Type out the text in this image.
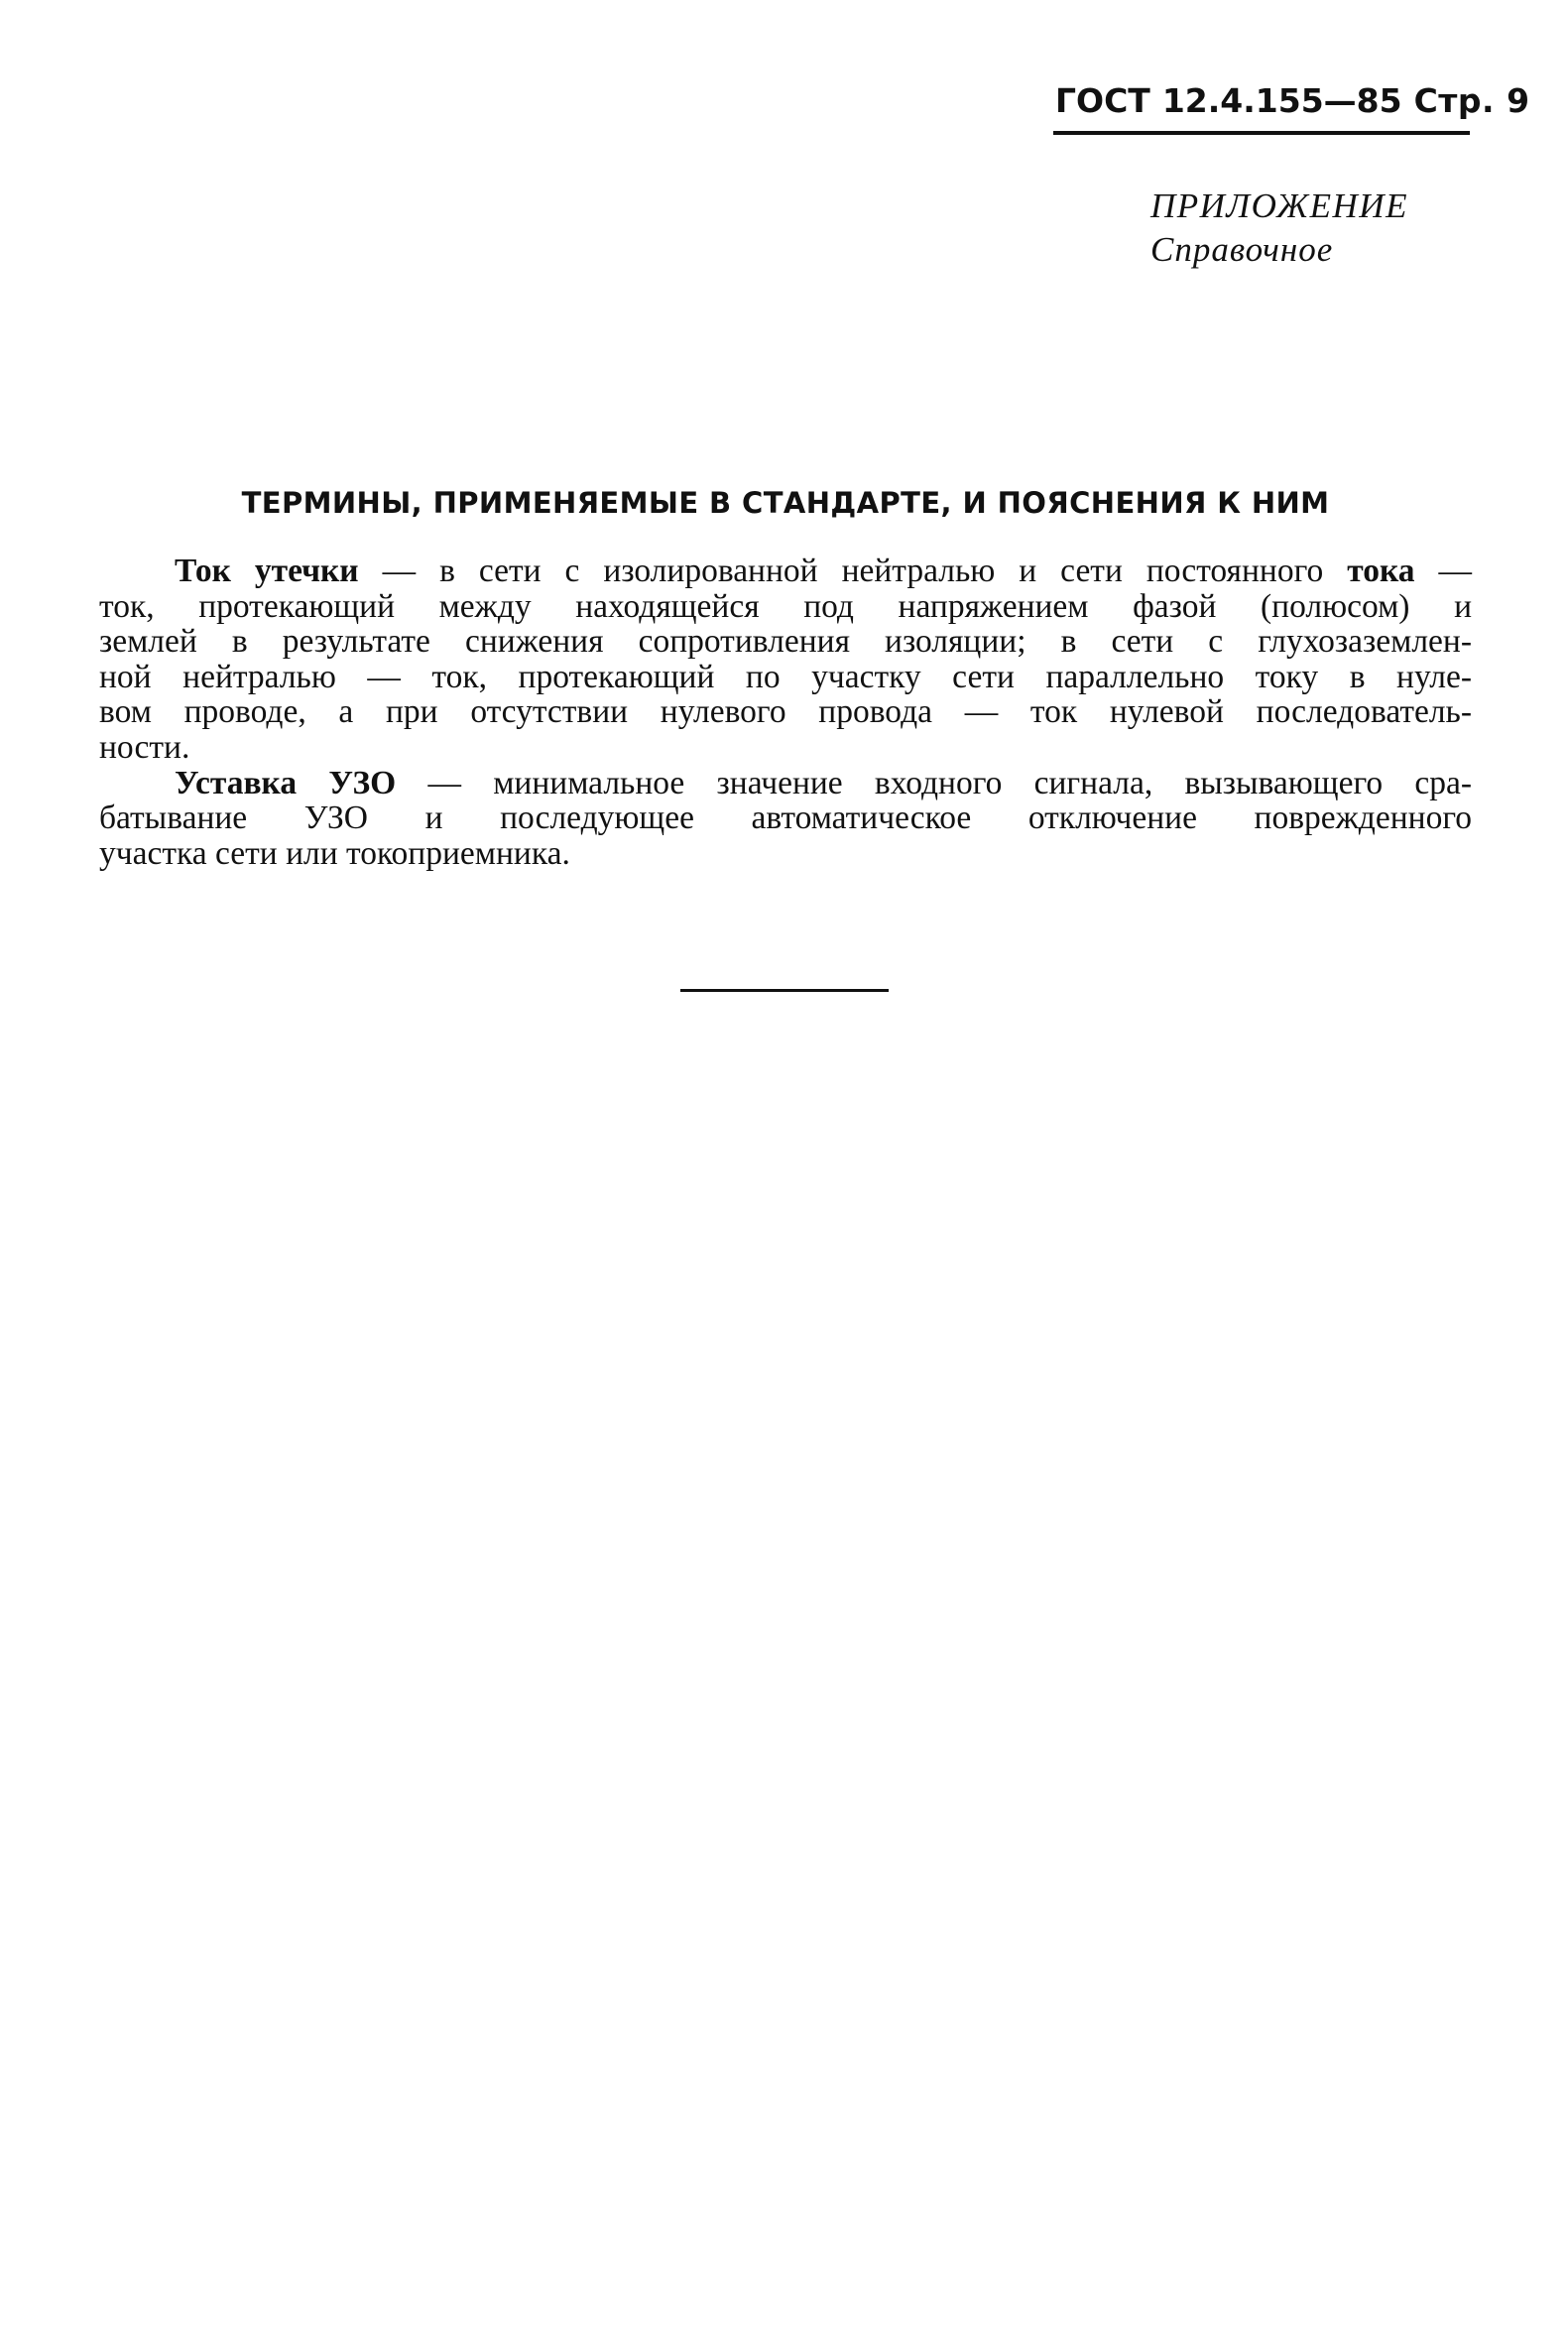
ГОСТ 12.4.155—85 Стр. 9
ПРИЛОЖЕНИЕ
Справочное
ТЕРМИНЫ, ПРИМЕНЯЕМЫЕ В СТАНДАРТЕ, И ПОЯСНЕНИЯ К НИМ
Ток утечки — в сети с изолированной нейтралью и сети постоянного тока —
ток, протекающий между находящейся под напряжением фазой (полюсом) и
землей в результате снижения сопротивления изоляции; в сети с глухозаземлен-
ной нейтралью — ток, протекающий по участку сети параллельно току в нуле-
вом проводе, а при отсутствии нулевого провода — ток нулевой последователь-
ности.
Уставка УЗО — минимальное значение входного сигнала, вызывающего сра-
батывание УЗО и последующее автоматическое отключение поврежденного
участка сети или токоприемника.
